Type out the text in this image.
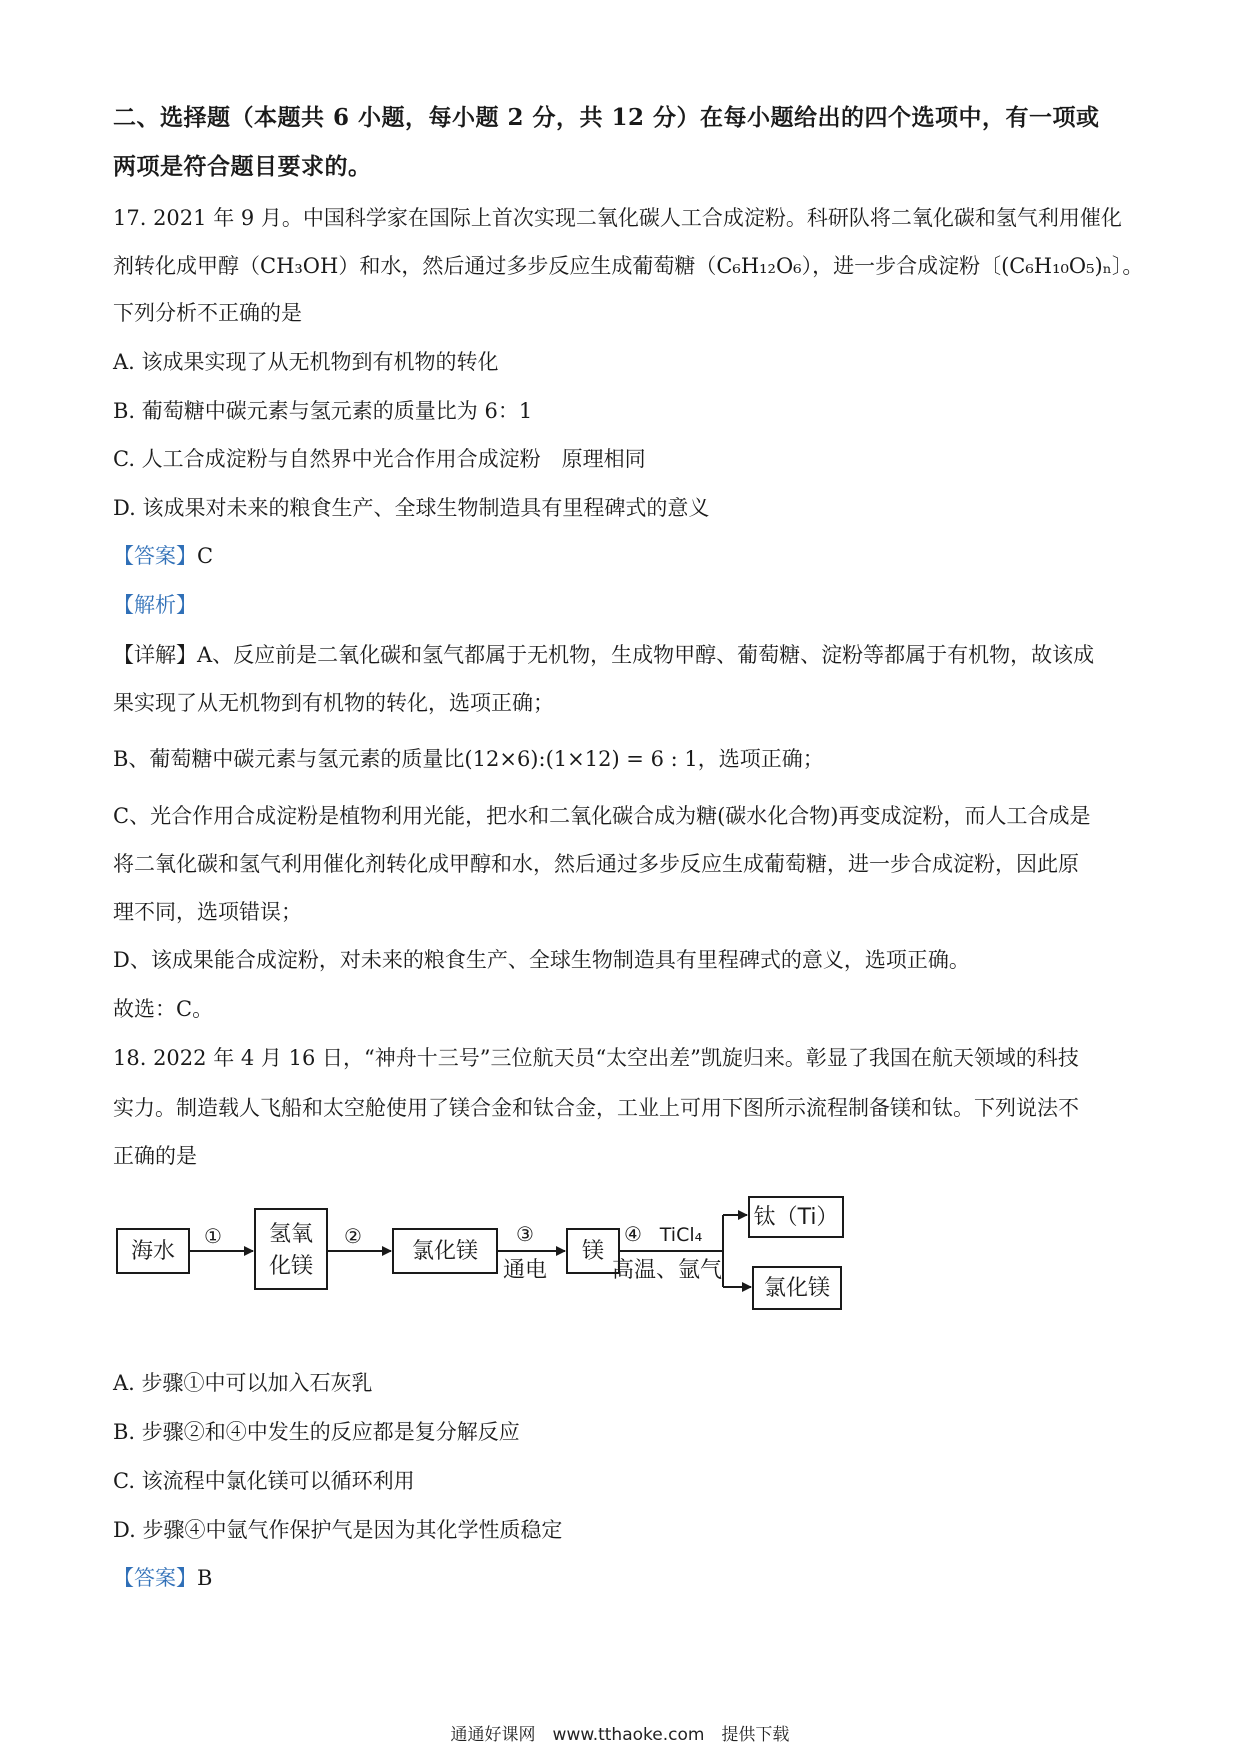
二、选择题（本题共 6 小题，每小题 2 分，共 12 分）在每小题给出的四个选项中，有一项或
两项是符合题目要求的。
17. 2021 年 9 月。中国科学家在国际上首次实现二氧化碳人工合成淀粉。科研队将二氧化碳和氢气利用催化
剂转化成甲醇（CH₃OH）和水，然后通过多步反应生成葡萄糖（C₆H₁₂O₆），进一步合成淀粉〔(C₆H₁₀O₅)ₙ〕。
下列分析不正确的是
A. 该成果实现了从无机物到有机物的转化
B. 葡萄糖中碳元素与氢元素的质量比为 6：1
C. 人工合成淀粉与自然界中光合作用合成淀粉　原理相同
D. 该成果对未来的粮食生产、全球生物制造具有里程碑式的意义
【答案】C
【解析】
【详解】A、反应前是二氧化碳和氢气都属于无机物，生成物甲醇、葡萄糖、淀粉等都属于有机物，故该成
果实现了从无机物到有机物的转化，选项正确；
B、葡萄糖中碳元素与氢元素的质量比(12×6):(1×12) = 6 : 1，选项正确；
C、光合作用合成淀粉是植物利用光能，把水和二氧化碳合成为糖(碳水化合物)再变成淀粉，而人工合成是
将二氧化碳和氢气利用催化剂转化成甲醇和水，然后通过多步反应生成葡萄糖，进一步合成淀粉，因此原
理不同，选项错误；
D、该成果能合成淀粉，对未来的粮食生产、全球生物制造具有里程碑式的意义，选项正确。
故选：C。
18. 2022 年 4 月 16 日，“神舟十三号”三位航天员“太空出差”凯旋归来。彰显了我国在航天领域的科技
实力。制造载人飞船和太空舱使用了镁合金和钛合金，工业上可用下图所示流程制备镁和钛。下列说法不
正确的是
海水
① 氢氧
化镁
②
氯化镁
③
通电
镁
④ TiCl₄
高温、氩气
钛（Ti）
氯化镁
A. 步骤①中可以加入石灰乳
B. 步骤②和④中发生的反应都是复分解反应
C. 该流程中氯化镁可以循环利用
D. 步骤④中氩气作保护气是因为其化学性质稳定
【答案】B
通通好课网　www.tthaoke.com　提供下载
